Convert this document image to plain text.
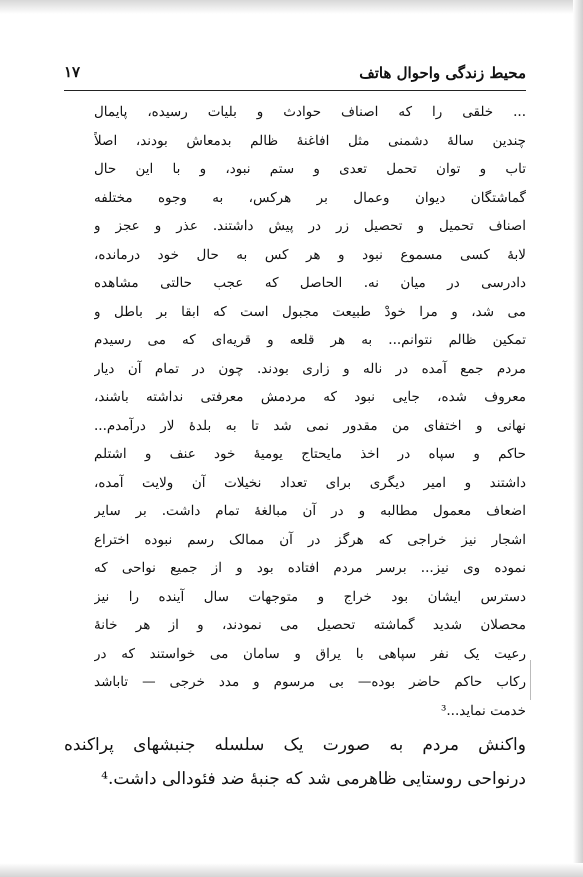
محیط زندگی واحوال هاتف
١٧
... خلقی را که اصناف حوادث و بلیات رسیده، پایمال
چندین سالهٔ دشمنی مثل افاغنهٔ ظالم بدمعاش بودند، اصلاً
تاب و توان تحمل تعدی و ستم نبود، و با این حال
گماشتگان دیوان وعمال بر هرکس، به وجوه مختلفه
اصناف تحمیل و تحصیل زر در پیش داشتند. عذر و عجز و
لابهٔ کسی مسموع نبود و هر کس به حال خود درمانده،
دادرسی در میان نه. الحاصل که عجب حالتی مشاهده
می شد، و مرا خودْ طبیعت مجبول است که ابقا بر باطل و
تمکین ظالم نتوانم... به هر قلعه و قریه‌ای که می رسیدم
مردم جمع آمده در ناله و زاری بودند. چون در تمام آن دیار
معروف شده، جایی نبود که مردمش معرفتی نداشته باشند،
نهانی و اختفای من مقدور نمی شد تا به بلدهٔ لار درآمدم...
حاکم و سپاه در اخذ مایحتاج یومیهٔ خود عنف و اشتلم
داشتند و امیر دیگری برای تعداد نخیلات آن ولایت آمده،
اضعاف معمول مطالبه و در آن مبالغهٔ تمام داشت. بر سایر
اشجار نیز خراجی که هرگز در آن ممالک رسم نبوده اختراع
نموده وی نیز... برسر مردم افتاده بود و از جمیع نواحی که
دسترس ایشان بود خراج و متوجهات سال آینده را نیز
محصلان شدید گماشته تحصیل می نمودند، و از هر خانهٔ
رعیت یک نفر سپاهی با یراق و سامان می خواستند که در
رکاب حاکم حاضر بوده— بی مرسوم و مدد خرجی — تاباشد
خدمت نماید...³
واکنش مردم به صورت یک سلسله جنبشهای پراکنده
درنواحی روستایی ظاهرمی شد که جنبهٔ ضد فئودالی داشت.⁴
